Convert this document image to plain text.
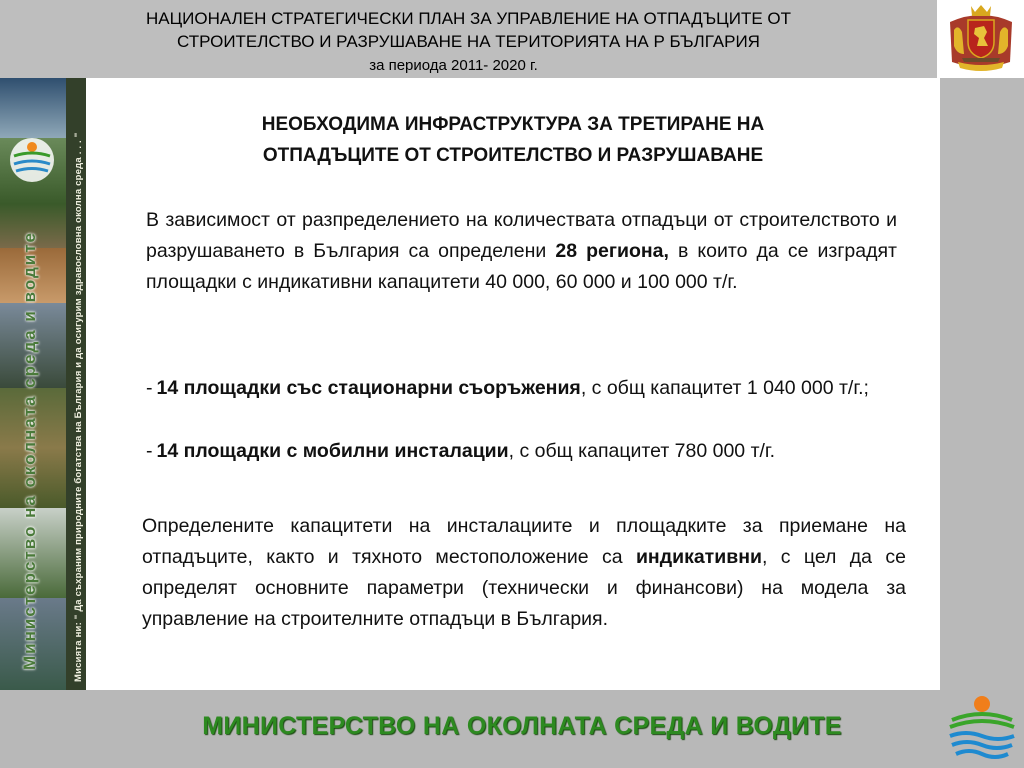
НАЦИОНАЛЕН СТРАТЕГИЧЕСКИ ПЛАН ЗА УПРАВЛЕНИЕ НА ОТПАДЪЦИТЕ ОТ
СТРОИТЕЛСТВО И РАЗРУШАВАНЕ НА ТЕРИТОРИЯТА НА Р БЪЛГАРИЯ
за периода 2011- 2020 г.
Министерство на околната среда и водите	Мисията ни: " Да съхраним природните богатства на България и да осигурим здравословна околна среда . . . "
НЕОБХОДИМА ИНФРАСТРУКТУРА ЗА ТРЕТИРАНЕ НА
ОТПАДЪЦИТЕ ОТ СТРОИТЕЛСТВО И РАЗРУШАВАНЕ
В зависимост от разпределението на количествата отпадъци от строителството и разрушаването в България са определени 28 региона, в които да се изградят площадки с индикативни капацитети 40 000, 60 000 и 100 000 т/г.
- 14 площадки със стационарни съоръжения, с общ капацитет 1 040 000 т/г.;
- 14 площадки с мобилни инсталации, с общ капацитет 780 000 т/г.
Определените капацитети на инсталациите и площадките за приемане на отпадъците, както и тяхното местоположение са индикативни, с цел да се определят основните параметри (технически и финансови) на модела за управление на строителните отпадъци в България.
МИНИСТЕРСТВО НА ОКОЛНАТА СРЕДА И ВОДИТЕ
